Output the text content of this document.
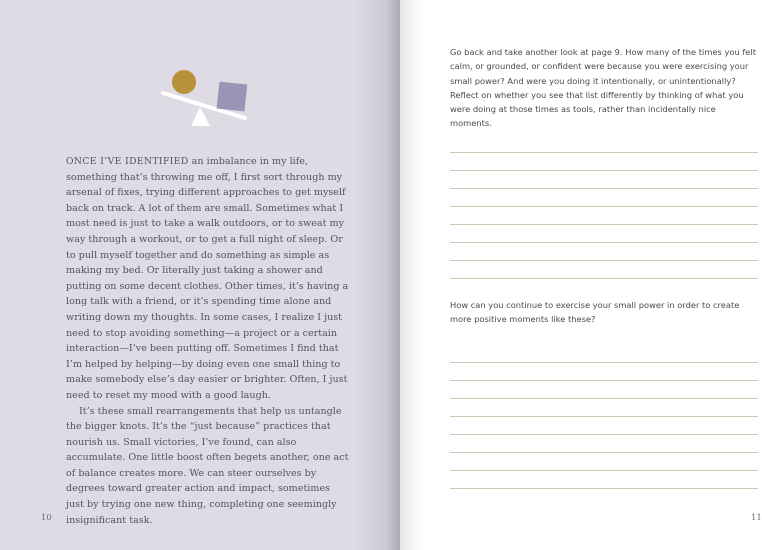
ONCE I’VE IDENTIFIED an imbalance in my life, something that’s throwing me off, I first sort through my arsenal of fixes, trying different approaches to get myself back on track. A lot of them are small. Sometimes what I most need is just to take a walk outdoors, or to sweat my way through a workout, or to get a full night of sleep. Or to pull myself together and do something as simple as making my bed. Or literally just taking a shower and putting on some decent clothes. Other times, it’s having a long talk with a friend, or it’s spending time alone and writing down my thoughts. In some cases, I realize I just need to stop avoiding something—a project or a certain interaction—I’ve been putting off. Sometimes I find that I’m helped by helping—by doing even one small thing to make somebody else’s day easier or brighter. Often, I just need to reset my mood with a good laugh.

It’s these small rearrangements that help us untangle the bigger knots. It’s the “just because” practices that nourish us. Small victories, I’ve found, can also accumulate. One little boost often begets another, one act of balance creates more. We can steer ourselves by degrees toward greater action and impact, sometimes just by trying one new thing, completing one seemingly insignificant task.

10
Go back and take another look at page 9. How many of the times you felt calm, or grounded, or confident were because you were exercising your small power? And were you doing it intentionally, or unintentionally? Reflect on whether you see that list differently by thinking of what you were doing at those times as tools, rather than incidentally nice moments.
How can you continue to exercise your small power in order to create more positive moments like these?
11
